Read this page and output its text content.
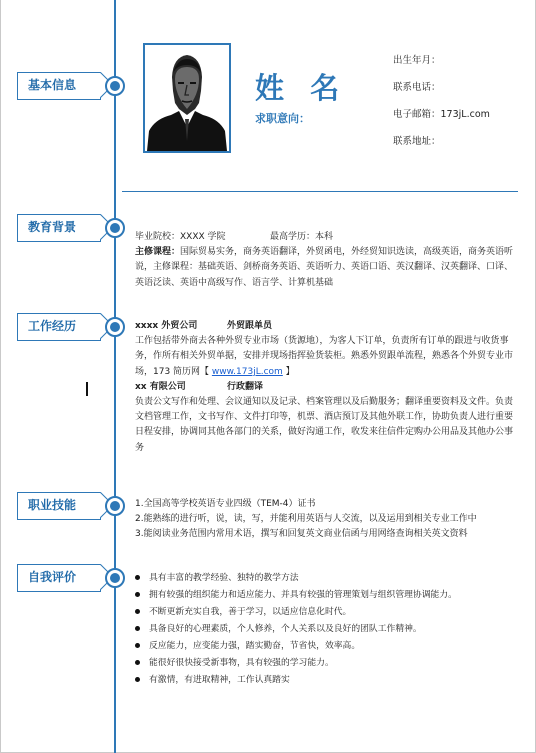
基本信息	姓 名
求职意向：
出生年月：
联系电话：
电子邮箱：173jL.com
联系地址：
教育背景
毕业院校：XXXX 学院	最高学历：本科
主修课程：国际贸易实务，商务英语翻译，外贸函电，外经贸知识选读，高级英语，商务英语听说，主修课程：基础英语、剑桥商务英语、英语听力、英语口语、英汉翻译、汉英翻译、口译、英语泛读、英语中高级写作、语言学、计算机基础
工作经历	xxxx 外贸公司	外贸跟单员
工作包括带外商去各种外贸专业市场（货源地），为客人下订单，负责所有订单的跟进与收货事务，作所有相关外贸单据，安排并现场指挥验货装柜。熟悉外贸跟单流程，熟悉各个外贸专业市场，173 简历网【 www.173jL.com 】
xx 有限公司	行政翻译
负责公文写作和处理、会议通知以及记录、档案管理以及后勤服务；翻译重要资料及文件。负责文档管理工作，文书写作、文件打印等，机票、酒店预订及其他外联工作，协助负责人进行重要日程安排，协调同其他各部门的关系，做好沟通工作，收发来往信件定购办公用品及其他办公事务
职业技能	1.全国高等学校英语专业四级（TEM-4）证书
2.能熟练的进行听，说，读，写，并能利用英语与人交流，以及运用到相关专业工作中
3.能阅读业务范围内常用术语，撰写和回复英文商业信函与用网络查询相关英文资料
自我评价	具有丰富的教学经验、独特的教学方法
拥有较强的组织能力和适应能力、并具有较强的管理策划与组织管理协调能力。
不断更新充实自我，善于学习，以适应信息化时代。
具备良好的心理素质，个人修养，个人关系以及良好的团队工作精神。
反应能力，应变能力强，踏实勤奋，节省快，效率高。
能很好很快接受新事物，具有较强的学习能力。
有激情，有进取精神，工作认真踏实
